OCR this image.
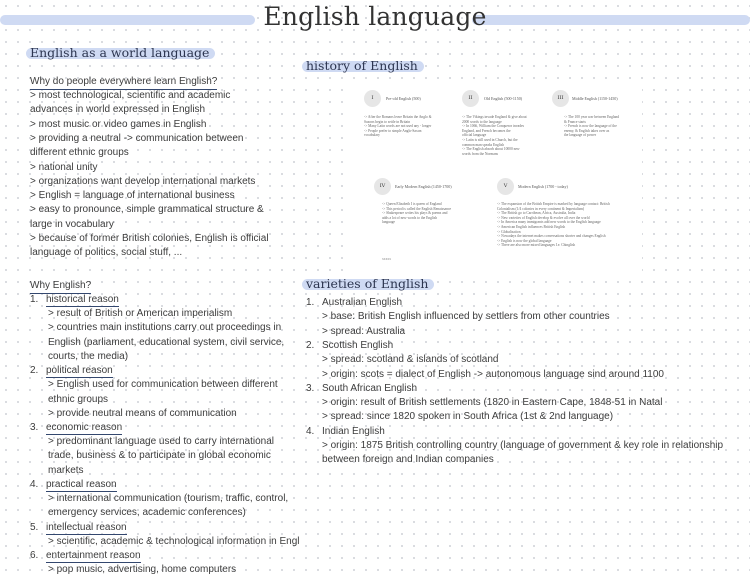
English language
English as a world language
Why do people everywhere learn English?
> most technological, scientific and academic
advances in world expressed in English
> most music or video games in English
> providing a neutral -> communication between
different ethnic groups
> national unity
> organizations want develop international markets
> English = language of international business
> easy to pronounce, simple grammatical structure &
large in vocabulary
> because of former British colonies, English is official
language of politics, social stuff, ...
Why English?
1. historical reason
> result of British or American imperialism
> countries main institutions carry out proceedings in
English (parliament, educational system, civil service,
courts, the media)
2. political reason
> English used for communication between different
ethnic groups
> provide neutral means of communication
3. economic reason
> predominant language used to carry international
trade, business & to participate in global economic
markets
4. practical reason
> international communication (tourism, traffic, control,
emergency services, academic conferences)
5. intellectual reason
> scientific, academic & technological information in Engl
6. entertainment reason
> pop music, advertising, home computers
history of English
I	Pre-old English (500)
-> After the Romans leave Britain the Anglo &
Saxons begin to settle in Britain
-> Many Latin words are not used any - longer
-> People prefer to simple Anglo-Saxon
vocabulary
II	Old English (500-1150)
-> The Vikings invade England & give about
2000 words to the language
-> In 1066, William the Conqueror invades
England, and French becomes the
official language
-> Latin is still used in Church, but the
common man speaks English
-> The English absorb about 10000 new
words from the Normans
III	Middle English (1150-1450)
-> The 100 year war between England
& France starts
-> French is now the language of the
enemy, & English takes over as
the language of power
IV	Early Modern English (1450-1700)
-> Queen Elizabeth I is queen of England
-> This period is called the English Renaissance
-> Shakespeare writes his plays & poems and
adds a lot of new words to the English
language
V	Modern English (1700 - today)
-> The expansion of the British Empire is marked by language contact: British
Colonialism (1/4 colonies in every continent & Imperialism)
-> The British go to Carribean, Africa, Australia, India
-> New varieties of English develop & evolve all over the world
-> In America many immigrants add new words to the English language
-> American English influences British English
-> Globalisation
-> Nowadays the internet makes conversations shorter and changes English
-> English is now the global language
-> There are also more mixed languages I.e. Chinglish
xxxxx
varieties of English
1. Australian English
> base: British English influenced by settlers from other countries
> spread: Australia
2. Scottish English
> spread: scotland & islands of scotland
> origin: scots = dialect of English -> autonomous language sind around 1100
3. South African English
> origin: result of British settlements (1820 in Eastern Cape, 1848-51 in Natal
> spread: since 1820 spoken in South Africa (1st & 2nd language)
4. Indian English
> origin: 1875 British controlling country (language of government & key role in relationship
between foreign and Indian companies
